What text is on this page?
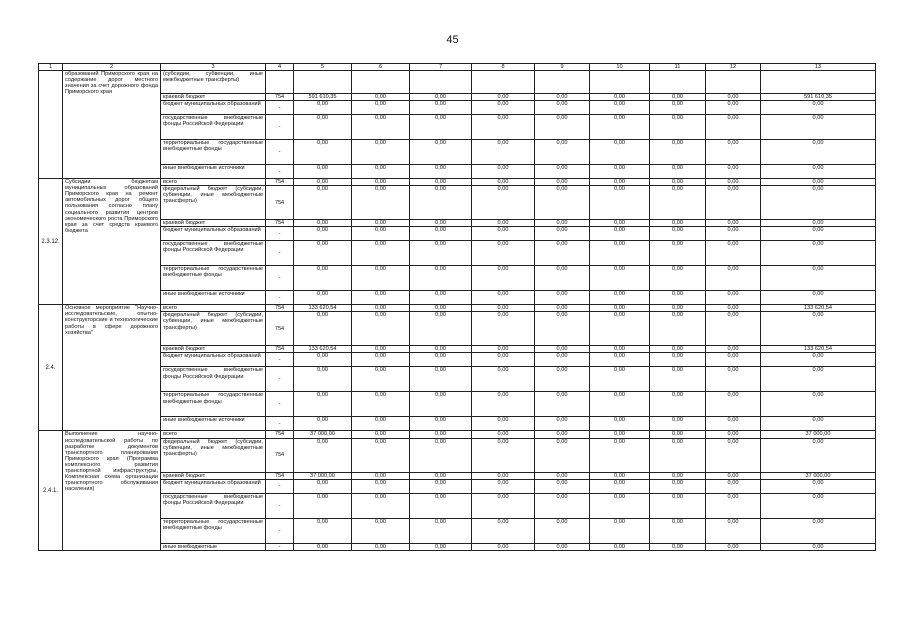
45
1	2	3	4	5	6	7	8	9	10	11	12	13
	образований Приморского края на содержание дорог местного значения за счет дорожного фонда Приморского края	(субсидии, субвенции, иные межбюджетные трансферты)										
		краевой бюджет	754	591 610,35	0,00	0,00	0,00	0,00	0,00	0,00	0,00	591 610,35
		бюджет муниципальных образований	-	0,00	0,00	0,00	0,00	0,00	0,00	0,00	0,00	0,00
		государственные внебюджетные фонды Российской Федерации	-	0,00	0,00	0,00	0,00	0,00	0,00	0,00	0,00	0,00
		территориальные государственные внебюджетные фонды	-	0,00	0,00	0,00	0,00	0,00	0,00	0,00	0,00	0,00
		иные внебюджетные источники	-	0,00	0,00	0,00	0,00	0,00	0,00	0,00	0,00	0,00
2.3.12.	Субсидии бюджетам муниципальных образований Приморского края на ремонт автомобильных дорог общего пользования согласно плану социального развития центров экономического роста Приморского края за счет средств краевого бюджета	всего	754	0,00	0,00	0,00	0,00	0,00	0,00	0,00	0,00	0,00
		федеральный бюджет (субсидии, субвенции, иные межбюджетные трансферты)	754	0,00	0,00	0,00	0,00	0,00	0,00	0,00	0,00	0,00
		краевой бюджет	754	0,00	0,00	0,00	0,00	0,00	0,00	0,00	0,00	0,00
		бюджет муниципальных образований	-	0,00	0,00	0,00	0,00	0,00	0,00	0,00	0,00	0,00
		государственные внебюджетные фонды Российской Федерации	-	0,00	0,00	0,00	0,00	0,00	0,00	0,00	0,00	0,00
		территориальные государственные внебюджетные фонды	-	0,00	0,00	0,00	0,00	0,00	0,00	0,00	0,00	0,00
		иные внебюджетные источники	-	0,00	0,00	0,00	0,00	0,00	0,00	0,00	0,00	0,00
2.4.	Основное мероприятие "Научно-исследовательские, опытно-конструкторские и технологические работы в сфере дорожного хозяйства"	всего	754	133 620,54	0,00	0,00	0,00	0,00	0,00	0,00	0,00	133 620,54
		федеральный бюджет (субсидии, субвенции, иные межбюджетные трансферты)	754	0,00	0,00	0,00	0,00	0,00	0,00	0,00	0,00	0,00
		краевой бюджет	754	133 620,54	0,00	0,00	0,00	0,00	0,00	0,00	0,00	133 620,54
		бюджет муниципальных образований	-	0,00	0,00	0,00	0,00	0,00	0,00	0,00	0,00	0,00
		государственные внебюджетные фонды Российской Федерации	-	0,00	0,00	0,00	0,00	0,00	0,00	0,00	0,00	0,00
		территориальные государственные внебюджетные фонды	-	0,00	0,00	0,00	0,00	0,00	0,00	0,00	0,00	0,00
		иные внебюджетные источники	-	0,00	0,00	0,00	0,00	0,00	0,00	0,00	0,00	0,00
2.4.1.	Выполнение научно-исследовательской работы по разработке документов транспортного планирования Приморского края (Программа комплексного развития транспортной инфраструктуры, Комплексная схема организации транспортного обслуживания населения)	всего	754	37 000,00	0,00	0,00	0,00	0,00	0,00	0,00	0,00	37 000,00
		федеральный бюджет (субсидии, субвенции, иные межбюджетные трансферты)	754	0,00	0,00	0,00	0,00	0,00	0,00	0,00	0,00	0,00
		краевой бюджет	754	37 000,00	0,00	0,00	0,00	0,00	0,00	0,00	0,00	37 000,00
		бюджет муниципальных образований	-	0,00	0,00	0,00	0,00	0,00	0,00	0,00	0,00	0,00
		государственные внебюджетные фонды Российской Федерации	-	0,00	0,00	0,00	0,00	0,00	0,00	0,00	0,00	0,00
		территориальные государственные внебюджетные фонды	-	0,00	0,00	0,00	0,00	0,00	0,00	0,00	0,00	0,00
		иные внебюджетные	-	0,00	0,00	0,00	0,00	0,00	0,00	0,00	0,00	0,00
